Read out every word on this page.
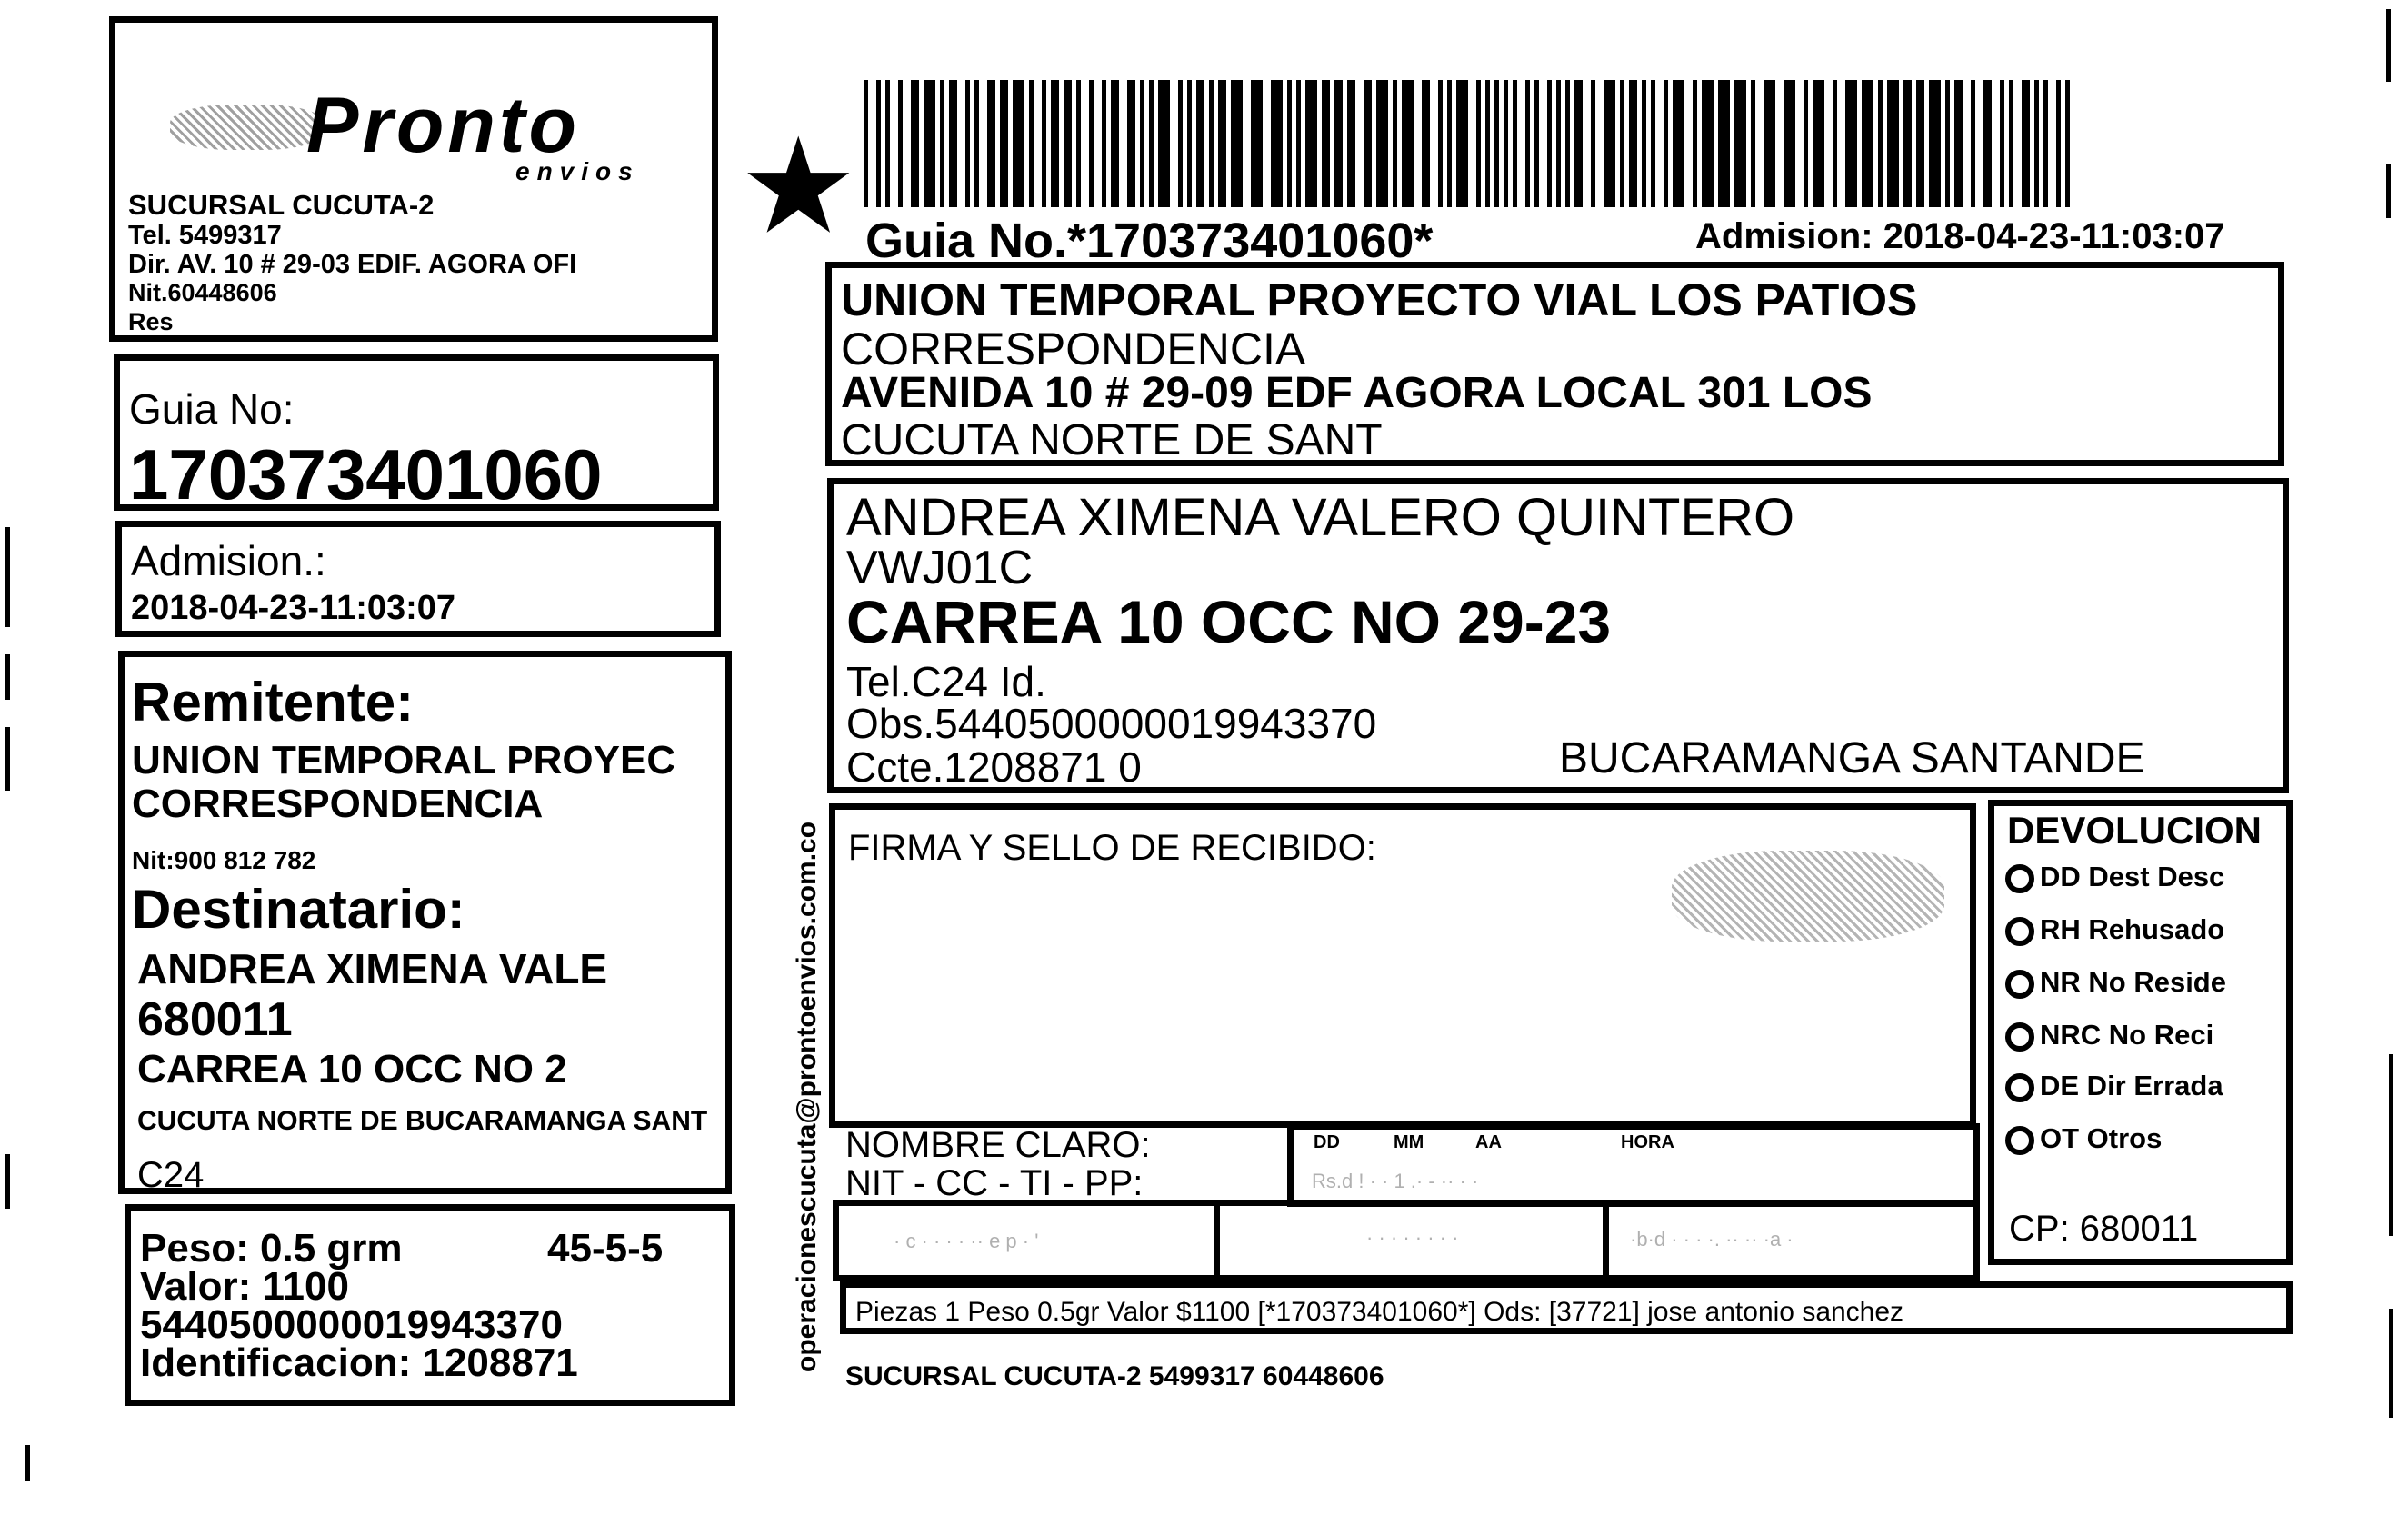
Pronto
envios
SUCURSAL CUCUTA-2
Tel. 5499317
Dir. AV. 10 # 29-03 EDIF. AGORA OFI
Nit.60448606
Res
Guia No:
170373401060
Admision.:
2018-04-23-11:03:07
Remitente:
UNION TEMPORAL PROYEC
CORRESPONDENCIA
Nit:900 812 782
Destinatario:
ANDREA XIMENA VALE
680011
CARREA 10 OCC NO 2
CUCUTA NORTE DE BUCARAMANGA SANT
C24
Peso: 0.5 grm	45-5-5
Valor: 1100
5440500000019943370
Identificacion: 1208871	operacionescucuta@prontoenvios.com.co
★ Guia No.*170373401060*	Admision: 2018-04-23-11:03:07
UNION TEMPORAL PROYECTO VIAL LOS PATIOS
CORRESPONDENCIA
AVENIDA 10 # 29-09 EDF AGORA LOCAL 301 LOS
CUCUTA NORTE DE SANT
ANDREA XIMENA VALERO QUINTERO
VWJ01C
CARREA 10 OCC NO 29-23
Tel.C24 Id.
Obs.5440500000019943370
Ccte.1208871 0	BUCARAMANGA SANTANDE
FIRMA Y SELLO DE RECIBIDO:
NOMBRE CLARO:
NIT - CC - TI - PP:
DD	MM	AA	HORA
Rs.d ! · · 1 .· - ·· · ·
· c · · · · ·· e p · '	· · · · · · · ·	·b·d · · · ·. ·· ·· ·a ·
DEVOLUCION
DD Dest Desc
RH Rehusado
NR No Reside
NRC No Reci
DE Dir Errada
OT Otros
CP: 680011
Piezas 1 Peso 0.5gr Valor $1100 [*170373401060*] Ods: [37721] jose antonio sanchez
SUCURSAL CUCUTA-2 5499317 60448606
